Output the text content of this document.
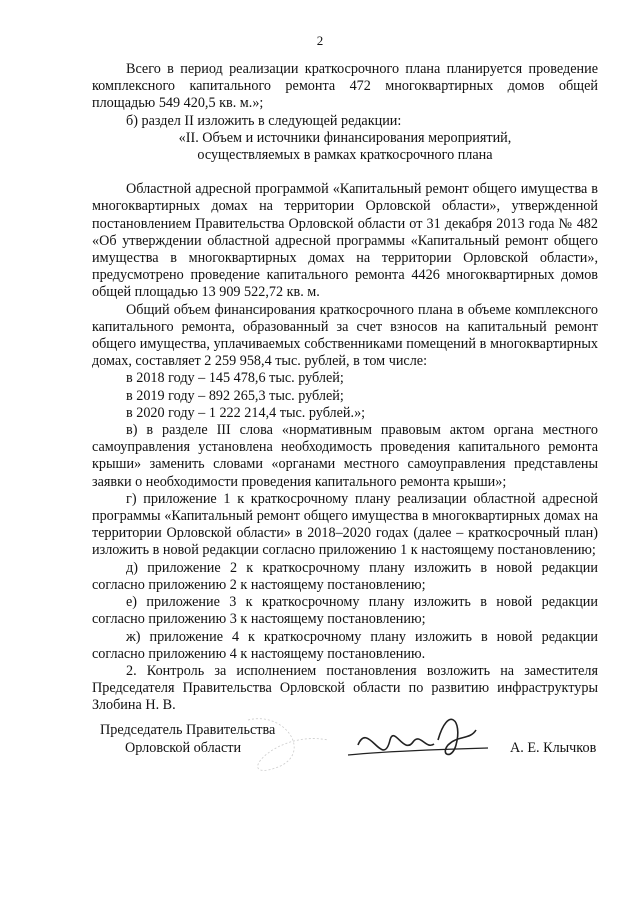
2
Всего в период реализации краткосрочного плана планируется проведение комплексного капитального ремонта 472 многоквартирных домов общей площадью 549 420,5 кв. м.»;
б) раздел II изложить в следующей редакции:
«II. Объем и источники финансирования мероприятий,
осуществляемых в рамках краткосрочного плана
Областной адресной программой «Капитальный ремонт общего имущества в многоквартирных домах на территории Орловской области», утвержденной постановлением Правительства Орловской области от 31 декабря 2013 года № 482 «Об утверждении областной адресной программы «Капитальный ремонт общего имущества в многоквартирных домах на территории Орловской области», предусмотрено проведение капитального ремонта 4426 многоквартирных домов общей площадью 13 909 522,72 кв. м.
Общий объем финансирования краткосрочного плана в объеме комплексного капитального ремонта, образованный за счет взносов на капитальный ремонт общего имущества, уплачиваемых собственниками помещений в многоквартирных домах, составляет 2 259 958,4 тыс. рублей, в том числе:
в 2018 году – 145 478,6 тыс. рублей;
в 2019 году – 892 265,3 тыс. рублей;
в 2020 году – 1 222 214,4 тыс. рублей.»;
в) в разделе III слова «нормативным правовым актом органа местного самоуправления установлена необходимость проведения капитального ремонта крыши» заменить словами «органами местного самоуправления представлены заявки о необходимости проведения капитального ремонта крыши»;
г) приложение 1 к краткосрочному плану реализации областной адресной программы «Капитальный ремонт общего имущества в многоквартирных домах на территории Орловской области» в 2018–2020 годах (далее – краткосрочный план) изложить в новой редакции согласно приложению 1 к настоящему постановлению;
д) приложение 2 к краткосрочному плану изложить в новой редакции согласно приложению 2 к настоящему постановлению;
е) приложение 3 к краткосрочному плану изложить в новой редакции согласно приложению 3 к настоящему постановлению;
ж) приложение 4 к краткосрочному плану изложить в новой редакции согласно приложению 4 к настоящему постановлению.
2. Контроль за исполнением постановления возложить на заместителя Председателя Правительства Орловской области по развитию инфраструктуры Злобина Н. В.
Председатель Правительства
Орловской области	А. Е. Клычков
